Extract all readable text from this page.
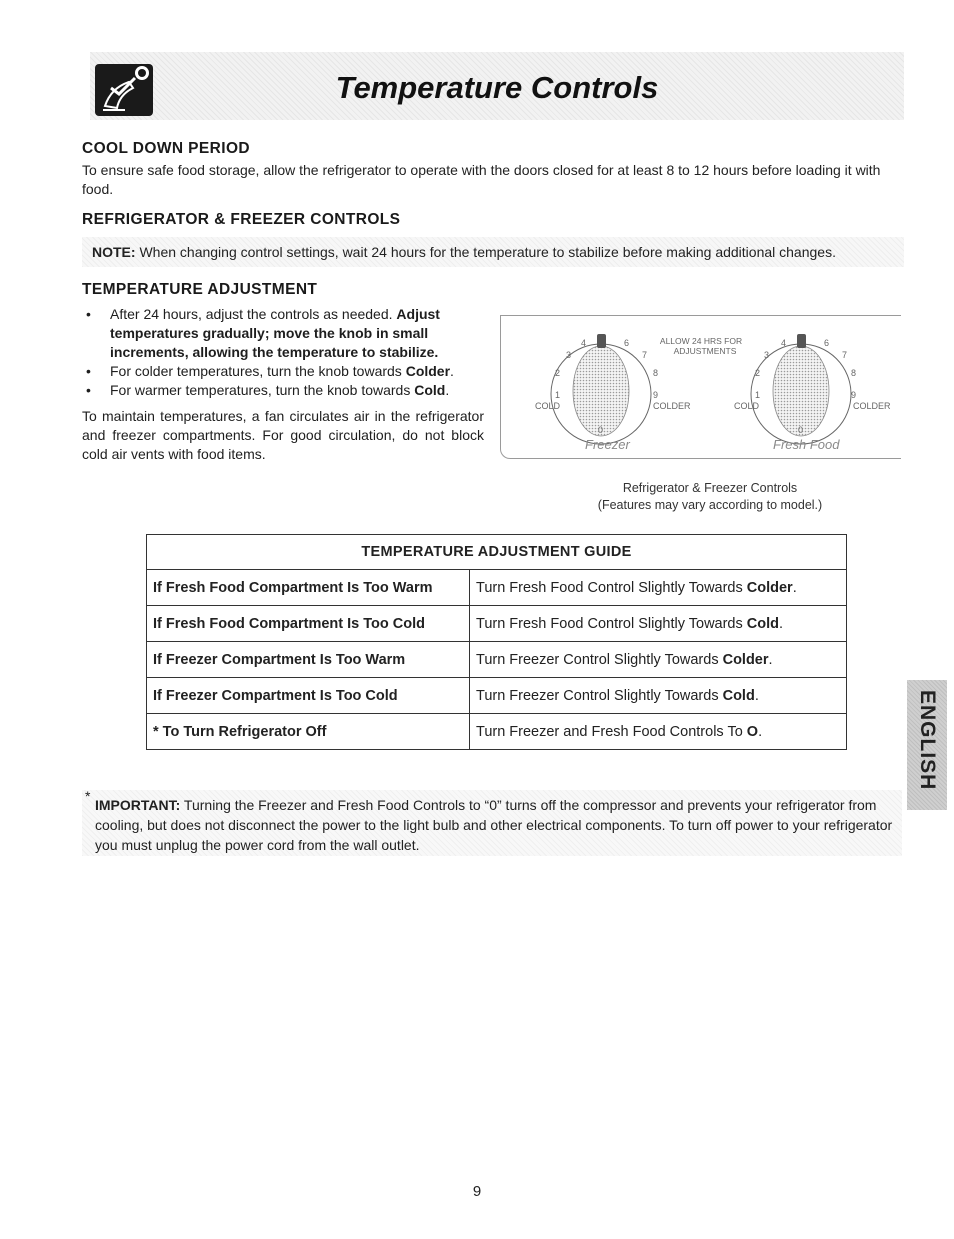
Temperature Controls
COOL DOWN PERIOD
To ensure safe food storage, allow the refrigerator to operate with the doors closed for at least 8 to 12 hours before loading it with food.
REFRIGERATOR & FREEZER CONTROLS
NOTE: When changing control settings, wait 24 hours for the temperature to stabilize before making additional changes.
TEMPERATURE ADJUSTMENT
• After 24 hours, adjust the controls as needed. Adjust temperatures gradually; move the knob in small increments, allowing the temperature to stabilize.
• For colder temperatures, turn the knob towards Colder.
• For warmer temperatures, turn the knob towards Cold.
To maintain temperatures, a fan circulates air in the refrigerator and freezer compartments. For good circulation, do not block cold air vents with food items.
4	6
3	7
2	8
1	9
COLD	COLDER
0
4	6
3	7
2	8
1	9
COLD	COLDER
0
ALLOW 24 HRS FOR
ADJUSTMENTS
Freezer	Fresh Food
Refrigerator & Freezer Controls
(Features may vary according to model.)
TEMPERATURE ADJUSTMENT GUIDE	
If Fresh Food Compartment Is Too Warm	Turn Fresh Food Control Slightly Towards Colder.
If Fresh Food Compartment Is Too Cold	Turn Fresh Food Control Slightly Towards Cold.
If Freezer Compartment Is Too Warm	Turn Freezer Control Slightly Towards Colder.
If Freezer Compartment Is Too Cold	Turn Freezer Control Slightly Towards Cold.
* To Turn Refrigerator Off	Turn Freezer and Fresh Food Controls To O.
*
IMPORTANT: Turning the Freezer and Fresh Food Controls to “0” turns off the compressor and prevents your refrigerator from cooling, but does not disconnect the power to the light bulb and other electrical components. To turn off power to your refrigerator you must unplug the power cord from the wall outlet.
ENGLISH
9
